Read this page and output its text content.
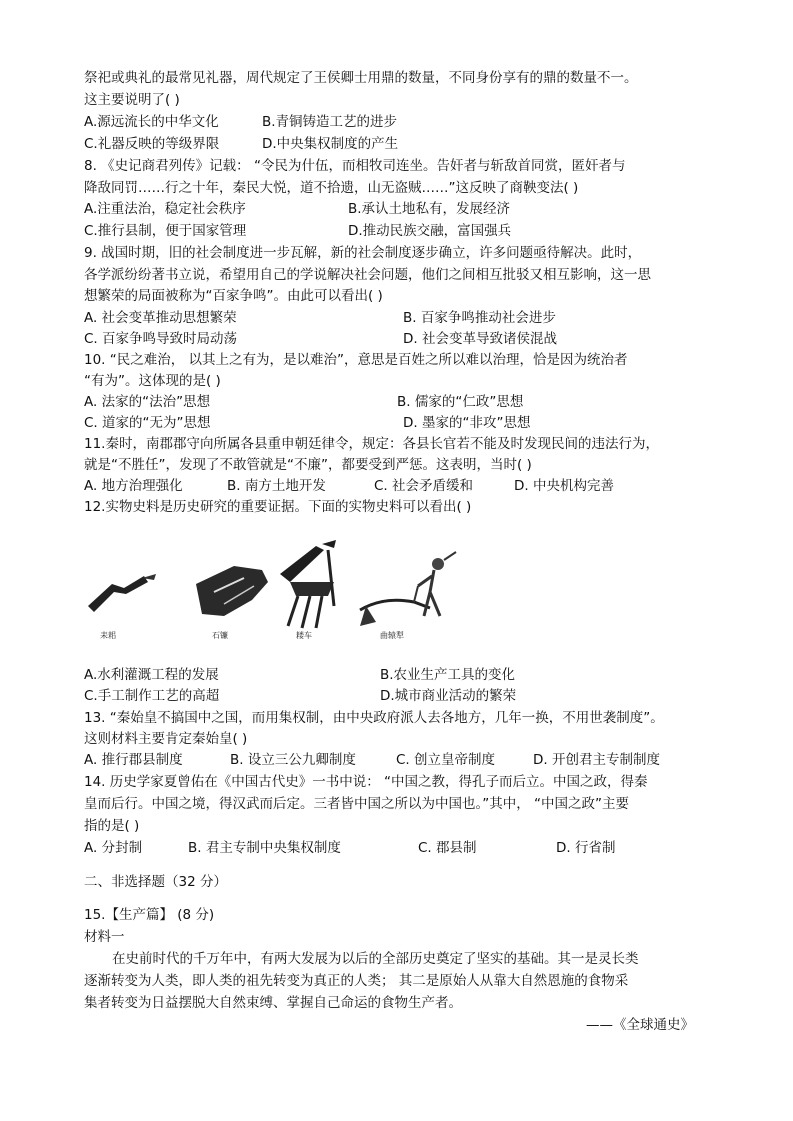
祭祀或典礼的最常见礼器，周代规定了王侯卿士用鼎的数量，不同身份享有的鼎的数量不一。
这主要说明了( )
A.源远流长的中华文化	B.青铜铸造工艺的进步
C.礼器反映的等级界限	D.中央集权制度的产生
8. 《史记商君列传》记载： “令民为什伍，而相牧司连坐。告奸者与斩敌首同赏，匿奸者与
降敌同罚……行之十年，秦民大悦，道不拾遗，山无盗贼……”这反映了商鞅变法( )
A.注重法治，稳定社会秩序	B.承认土地私有，发展经济
C.推行县制，便于国家管理	D.推动民族交融，富国强兵
9. 战国时期，旧的社会制度进一步瓦解，新的社会制度逐步确立，许多问题亟待解决。此时，
各学派纷纷著书立说，希望用自己的学说解决社会问题，他们之间相互批驳又相互影响，这一思
想繁荣的局面被称为“百家争鸣”。由此可以看出( )
A. 社会变革推动思想繁荣	B. 百家争鸣推动社会进步
C. 百家争鸣导致时局动荡	D. 社会变革导致诸侯混战
10. “民之难治， 以其上之有为，是以难治”，意思是百姓之所以难以治理，恰是因为统治者
“有为”。这体现的是( )
A. 法家的“法治”思想	B. 儒家的“仁政”思想
C. 道家的“无为”思想	D. 墨家的“非攻”思想
11.秦时，南郡郡守向所属各县重申朝廷律令，规定：各县长官若不能及时发现民间的违法行为，
就是“不胜任”，发现了不敢管就是“不廉”，都要受到严惩。这表明，当时( )
A. 地方治理强化	B. 南方土地开发	C. 社会矛盾缓和	D. 中央机构完善
12.实物史料是历史研究的重要证据。下面的实物史料可以看出( )
耒耜	石镰	耧车	曲辕犁
A.水利灌溉工程的发展	B.农业生产工具的变化
C.手工制作工艺的高超	D.城市商业活动的繁荣
13. “秦始皇不搞国中之国，而用集权制，由中央政府派人去各地方，几年一换，不用世袭制度”。
这则材料主要肯定秦始皇( )
A. 推行郡县制度	B. 设立三公九卿制度	C. 创立皇帝制度	D. 开创君主专制制度
14. 历史学家夏曾佑在《中国古代史》一书中说： “中国之教，得孔子而后立。中国之政，得秦
皇而后行。中国之境，得汉武而后定。三者皆中国之所以为中国也。”其中， “中国之政”主要
指的是( )
A. 分封制	B. 君主专制中央集权制度	C. 郡县制	D. 行省制
二、非选择题（32 分）
15.【生产篇】 (8 分)
材料一
在史前时代的千万年中，有两大发展为以后的全部历史奠定了坚实的基础。其一是灵长类
逐渐转变为人类，即人类的祖先转变为真正的人类； 其二是原始人从靠大自然恩施的食物采
集者转变为日益摆脱大自然束缚、掌握自己命运的食物生产者。
——《全球通史》
